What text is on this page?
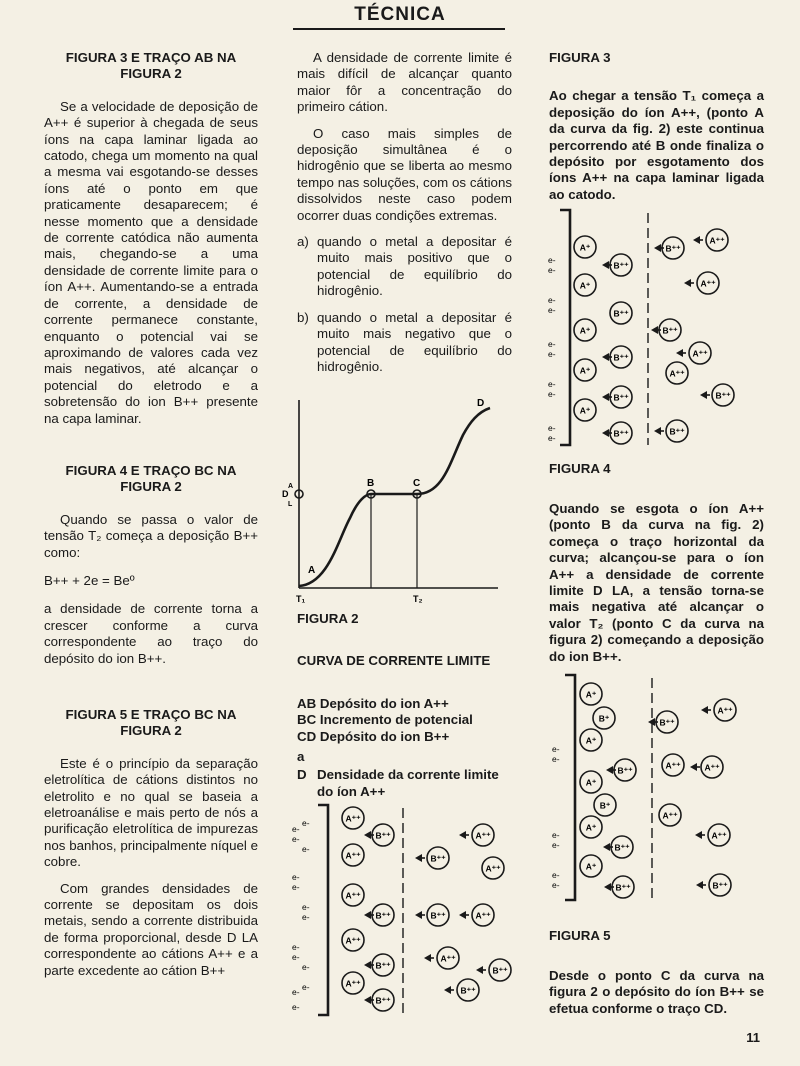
TÉCNICA

FIGURA 3 E TRAÇO AB NA FIGURA 2

Se a velocidade de deposição de A++ é superior à chegada de seus íons na capa laminar ligada ao catodo, chega um momento na qual a mesma vai esgotando-se desses íons até o ponto em que praticamente desaparecem; é nesse momento que a densidade de corrente catódica não aumenta mais, chegando-se a uma densidade de corrente limite para o íon A++. Aumentando-se a entrada de corrente, a densidade de corrente permanece constante, enquanto o potencial vai se aproximando de valores cada vez mais negativos, até alcançar o potencial do eletrodo e a sobretensão do ion B++ presente na capa laminar.

FIGURA 4 E TRAÇO BC NA FIGURA 2

Quando se passa o valor de tensão T₂ começa a deposição B++ como:

B++ + 2e = Beº

a densidade de corrente torna a crescer conforme a curva correspondente ao traço do depósito do ion B++.

FIGURA 5 E TRAÇO BC NA FIGURA 2

Este é o princípio da separação eletrolítica de cátions distintos no eletrolito e no qual se baseia a eletroanálise e mais perto de nós a purificação eletrolítica de impurezas nos banhos, principalmente níquel e cobre.

Com grandes densidades de corrente se depositam os dois metais, sendo a corrente distribuida de forma proporcional, desde D LA correspondente ao cátions A++ e a parte excedente ao cátion B++

A densidade de corrente limite é mais difícil de alcançar quanto maior fôr a concentração do primeiro cátion.

O caso mais simples de deposição simultânea é o hidrogênio que se liberta ao mesmo tempo nas soluções, com os cátions dissolvidos neste caso podem ocorrer duas condições extremas.

a) quando o metal a depositar é muito mais positivo que o potencial de equilíbrio do hidrogênio.
b) quando o metal a depositar é muito mais negativo que o potencial de equilíbrio do hidrogênio.
A
B	C
D
D
A
L
T₁	T₂
FIGURA 2
CURVA DE CORRENTE LIMITE
AB Depósito do ion A++
BC Incremento de potencial
CD Depósito do ion B++
a
D Densidade da corrente limite do íon A++

FIGURA 3

Ao chegar a tensão T₁ começa a deposição do íon A++, (ponto A da curva da fig. 2) este continua percorrendo até B onde finaliza o depósito por esgotamento dos íons A++ na capa laminar ligada ao catodo.

FIGURA 4
Quando se esgota o íon A++ (ponto B da curva na fig. 2) começa o traço horizontal da curva; alcançou-se para o íon A++ a densidade de corrente limite D LA, a tensão torna-se mais negativa até alcançar o valor T₂ (ponto C da curva na figura 2) começando a deposição do ion B++.
FIGURA 5
Desde o ponto C da curva na figura 2 o depósito do íon B++ se efetua conforme o traço CD.
e-
e-
e-
e-
e-
e-
e-
e-
e-
e-
A⁺
B⁺⁺
A⁺
B⁺⁺
A⁺
B⁺⁺
A⁺
B⁺⁺
A⁺
B⁺⁺
B⁺⁺
A⁺⁺
A⁺⁺
B⁺⁺
A⁺⁺
A⁺⁺
B⁺⁺
B⁺⁺
e-
e-
e-
e-
e-
e-
A⁺
B⁺
A⁺
B⁺⁺
A⁺
B⁺
A⁺
B⁺⁺
A⁺
B⁺⁺
B⁺⁺
A⁺⁺
A⁺⁺	A⁺⁺
A⁺⁺
A⁺⁺
B⁺⁺
e-
e-
e-
e-
e-
e-
e-
e-
e-
e-
e-
e-
e-
e-
A⁺⁺
B⁺⁺
A⁺⁺
A⁺⁺
B⁺⁺
A⁺⁺
B⁺⁺
A⁺⁺
B⁺⁺
A⁺⁺
B⁺⁺
A⁺⁺
B⁺⁺	A⁺⁺
A⁺⁺
B⁺⁺
B⁺⁺
11
